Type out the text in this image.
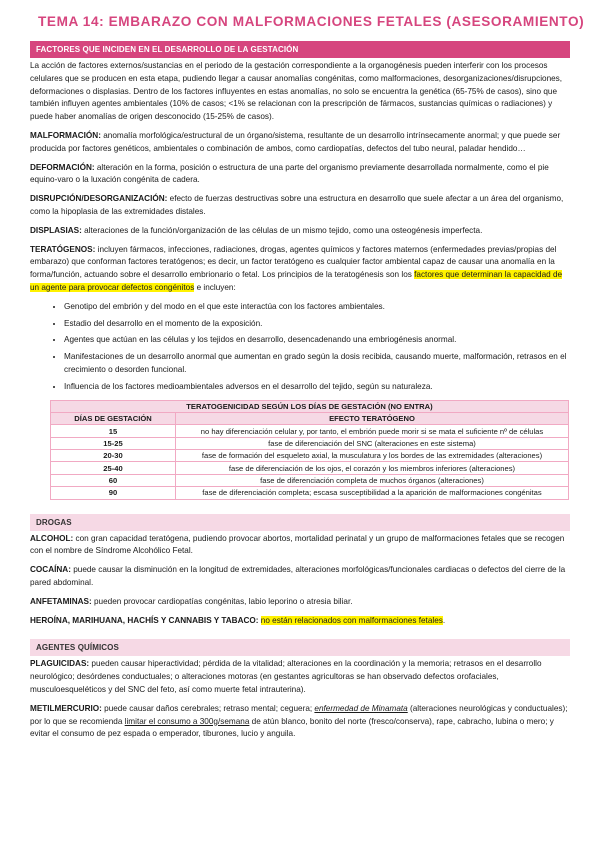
TEMA 14: EMBARAZO CON MALFORMACIONES FETALES (ASESORAMIENTO)
FACTORES QUE INCIDEN EN EL DESARROLLO DE LA GESTACIÓN

La acción de factores externos/sustancias en el periodo de la gestación correspondiente a la organogénesis pueden interferir con los procesos celulares que se producen en esta etapa, pudiendo llegar a causar anomalías congénitas, como malformaciones, desorganizaciones/disrupciones, deformaciones o displasias. Dentro de los factores influyentes en estas anomalías, no solo se encuentra la genética (65-75% de casos), sino que también influyen agentes ambientales (10% de casos; <1% se relacionan con la prescripción de fármacos, sustancias químicas o radiaciones) y puede haber anomalías de origen desconocido (15-25% de casos).

MALFORMACIÓN: anomalía morfológica/estructural de un órgano/sistema, resultante de un desarrollo intrínsecamente anormal; y que puede ser producida por factores genéticos, ambientales o combinación de ambos, como cardiopatías, defectos del tubo neural, paladar hendido…

DEFORMACIÓN: alteración en la forma, posición o estructura de una parte del organismo previamente desarrollada normalmente, como el pie equino-varo o la luxación congénita de cadera.

DISRUPCIÓN/DESORGANIZACIÓN: efecto de fuerzas destructivas sobre una estructura en desarrollo que suele afectar a un área del organismo, como la hipoplasia de las extremidades distales.

DISPLASIAS: alteraciones de la función/organización de las células de un mismo tejido, como una osteogénesis imperfecta.

TERATÓGENOS: incluyen fármacos, infecciones, radiaciones, drogas, agentes químicos y factores maternos (enfermedades previas/propias del embarazo) que conforman factores teratógenos; es decir, un factor teratógeno es cualquier factor ambiental capaz de causar una anomalía en la forma/función, actuando sobre el desarrollo embrionario o fetal. Los principios de la teratogénesis son los factores que determinan la capacidad de un agente para provocar defectos congénitos e incluyen:

• Genotipo del embrión y del modo en el que este interactúa con los factores ambientales.
• Estadio del desarrollo en el momento de la exposición.
• Agentes que actúan en las células y los tejidos en desarrollo, desencadenando una embriogénesis anormal.
• Manifestaciones de un desarrollo anormal que aumentan en grado según la dosis recibida, causando muerte, malformación, retrasos en el crecimiento o desorden funcional.
• Influencia de los factores medioambientales adversos en el desarrollo del tejido, según su naturaleza.
TERATOGENICIDAD SEGÚN LOS DÍAS DE GESTACIÓN (NO ENTRA)	
DÍAS DE GESTACIÓN	EFECTO TERATÓGENO
15	no hay diferenciación celular y, por tanto, el embrión puede morir si se mata el suficiente nº de células
15-25	fase de diferenciación del SNC (alteraciones en este sistema)
20-30	fase de formación del esqueleto axial, la musculatura y los bordes de las extremidades (alteraciones)
25-40	fase de diferenciación de los ojos, el corazón y los miembros inferiores (alteraciones)
60	fase de diferenciación completa de muchos órganos (alteraciones)
90	fase de diferenciación completa; escasa susceptibilidad a la aparición de malformaciones congénitas
DROGAS

ALCOHOL: con gran capacidad teratógena, pudiendo provocar abortos, mortalidad perinatal y un grupo de malformaciones fetales que se recogen con el nombre de Síndrome Alcohólico Fetal.

COCAÍNA: puede causar la disminución en la longitud de extremidades, alteraciones morfológicas/funcionales cardiacas o defectos del cierre de la pared abdominal.

ANFETAMINAS: pueden provocar cardiopatías congénitas, labio leporino o atresia biliar.

HEROÍNA, MARIHUANA, HACHÍS Y CANNABIS Y TABACO: no están relacionados con malformaciones fetales.

AGENTES QUÍMICOS

PLAGUICIDAS: pueden causar hiperactividad; pérdida de la vitalidad; alteraciones en la coordinación y la memoria; retrasos en el desarrollo neurológico; desórdenes conductuales; o alteraciones motoras (en gestantes agricultoras se han observado defectos orofaciales, musculoesqueléticos y del SNC del feto, así como muerte fetal intrauterina).

METILMERCURIO: puede causar daños cerebrales; retraso mental; ceguera; enfermedad de Minamata (alteraciones neurológicas y conductuales); por lo que se recomienda limitar el consumo a 300g/semana de atún blanco, bonito del norte (fresco/conserva), rape, cabracho, lubina o mero; y evitar el consumo de pez espada o emperador, tiburones, lucio y anguila.
